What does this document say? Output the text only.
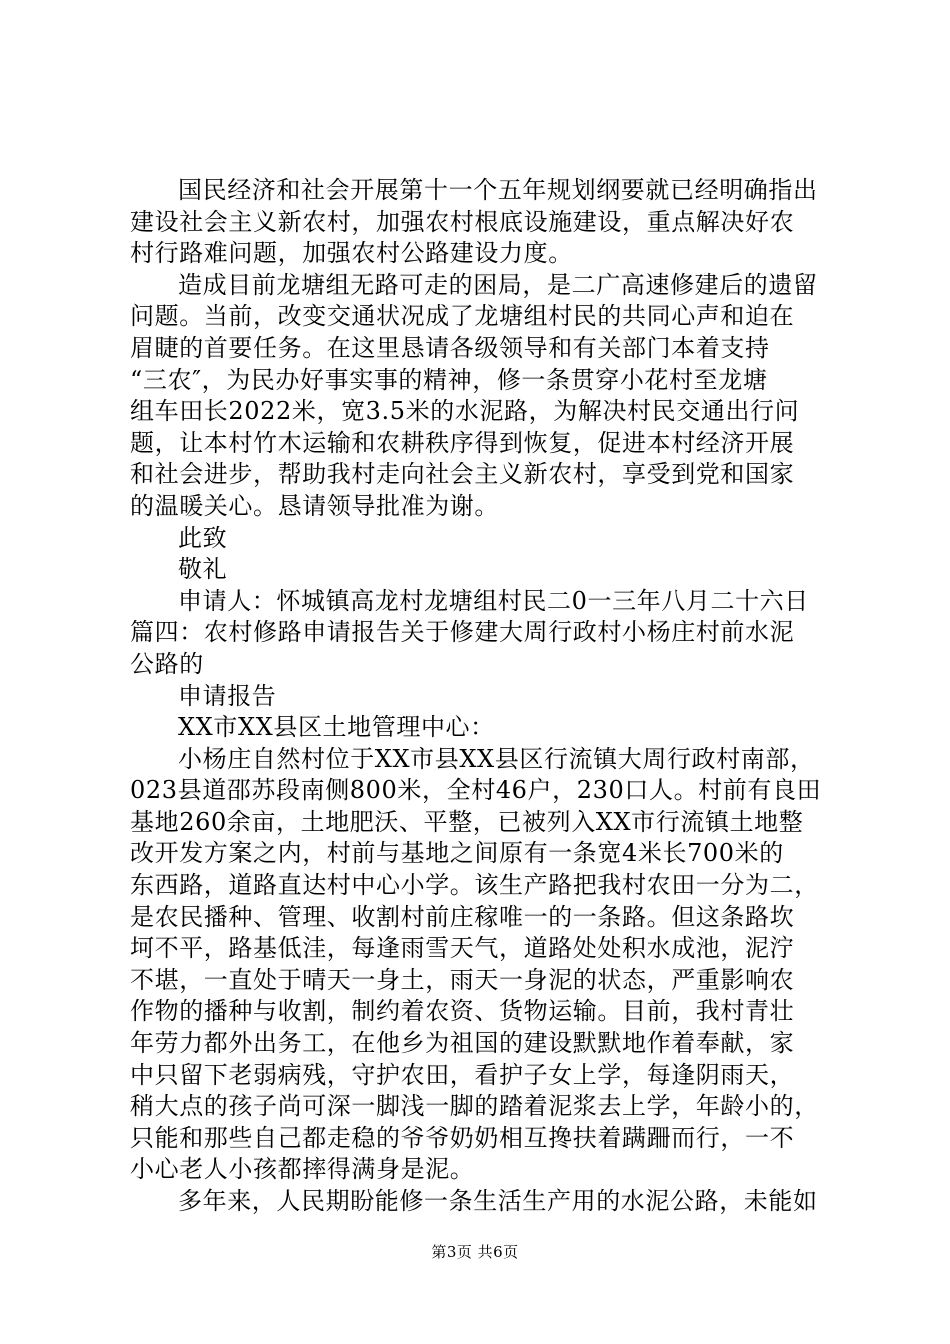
国民经济和社会开展第十一个五年规划纲要就已经明确指出
建设社会主义新农村，加强农村根底设施建设，重点解决好农
村行路难问题，加强农村公路建设力度。
造成目前龙塘组无路可走的困局，是二广高速修建后的遗留
问题。当前，改变交通状况成了龙塘组村民的共同心声和迫在
眉睫的首要任务。在这里恳请各级领导和有关部门本着支持
“三农″，为民办好事实事的精神，修一条贯穿小花村至龙塘
组车田长2022米，宽3.5米的水泥路，为解决村民交通出行问
题，让本村竹木运输和农耕秩序得到恢复，促进本村经济开展
和社会进步，帮助我村走向社会主义新农村，享受到党和国家
的温暖关心。恳请领导批准为谢。
此致
敬礼
申请人：怀城镇高龙村龙塘组村民二0一三年八月二十六日
篇四：农村修路申请报告关于修建大周行政村小杨庄村前水泥
公路的
申请报告
XX市XX县区土地管理中心：
小杨庄自然村位于XX市县XX县区行流镇大周行政村南部，
023县道邵苏段南侧800米，全村46户，230口人。村前有良田
基地260余亩，土地肥沃、平整，已被列入XX市行流镇土地整
改开发方案之内，村前与基地之间原有一条宽4米长700米的
东西路，道路直达村中心小学。该生产路把我村农田一分为二，
是农民播种、管理、收割村前庄稼唯一的一条路。但这条路坎
坷不平，路基低洼，每逢雨雪天气，道路处处积水成池，泥泞
不堪，一直处于晴天一身土，雨天一身泥的状态，严重影响农
作物的播种与收割，制约着农资、货物运输。目前，我村青壮
年劳力都外出务工，在他乡为祖国的建设默默地作着奉献，家
中只留下老弱病残，守护农田，看护子女上学，每逢阴雨天，
稍大点的孩子尚可深一脚浅一脚的踏着泥浆去上学，年龄小的，
只能和那些自己都走稳的爷爷奶奶相互搀扶着蹒跚而行，一不
小心老人小孩都摔得满身是泥。
多年来，人民期盼能修一条生活生产用的水泥公路，未能如
第3页 共6页
